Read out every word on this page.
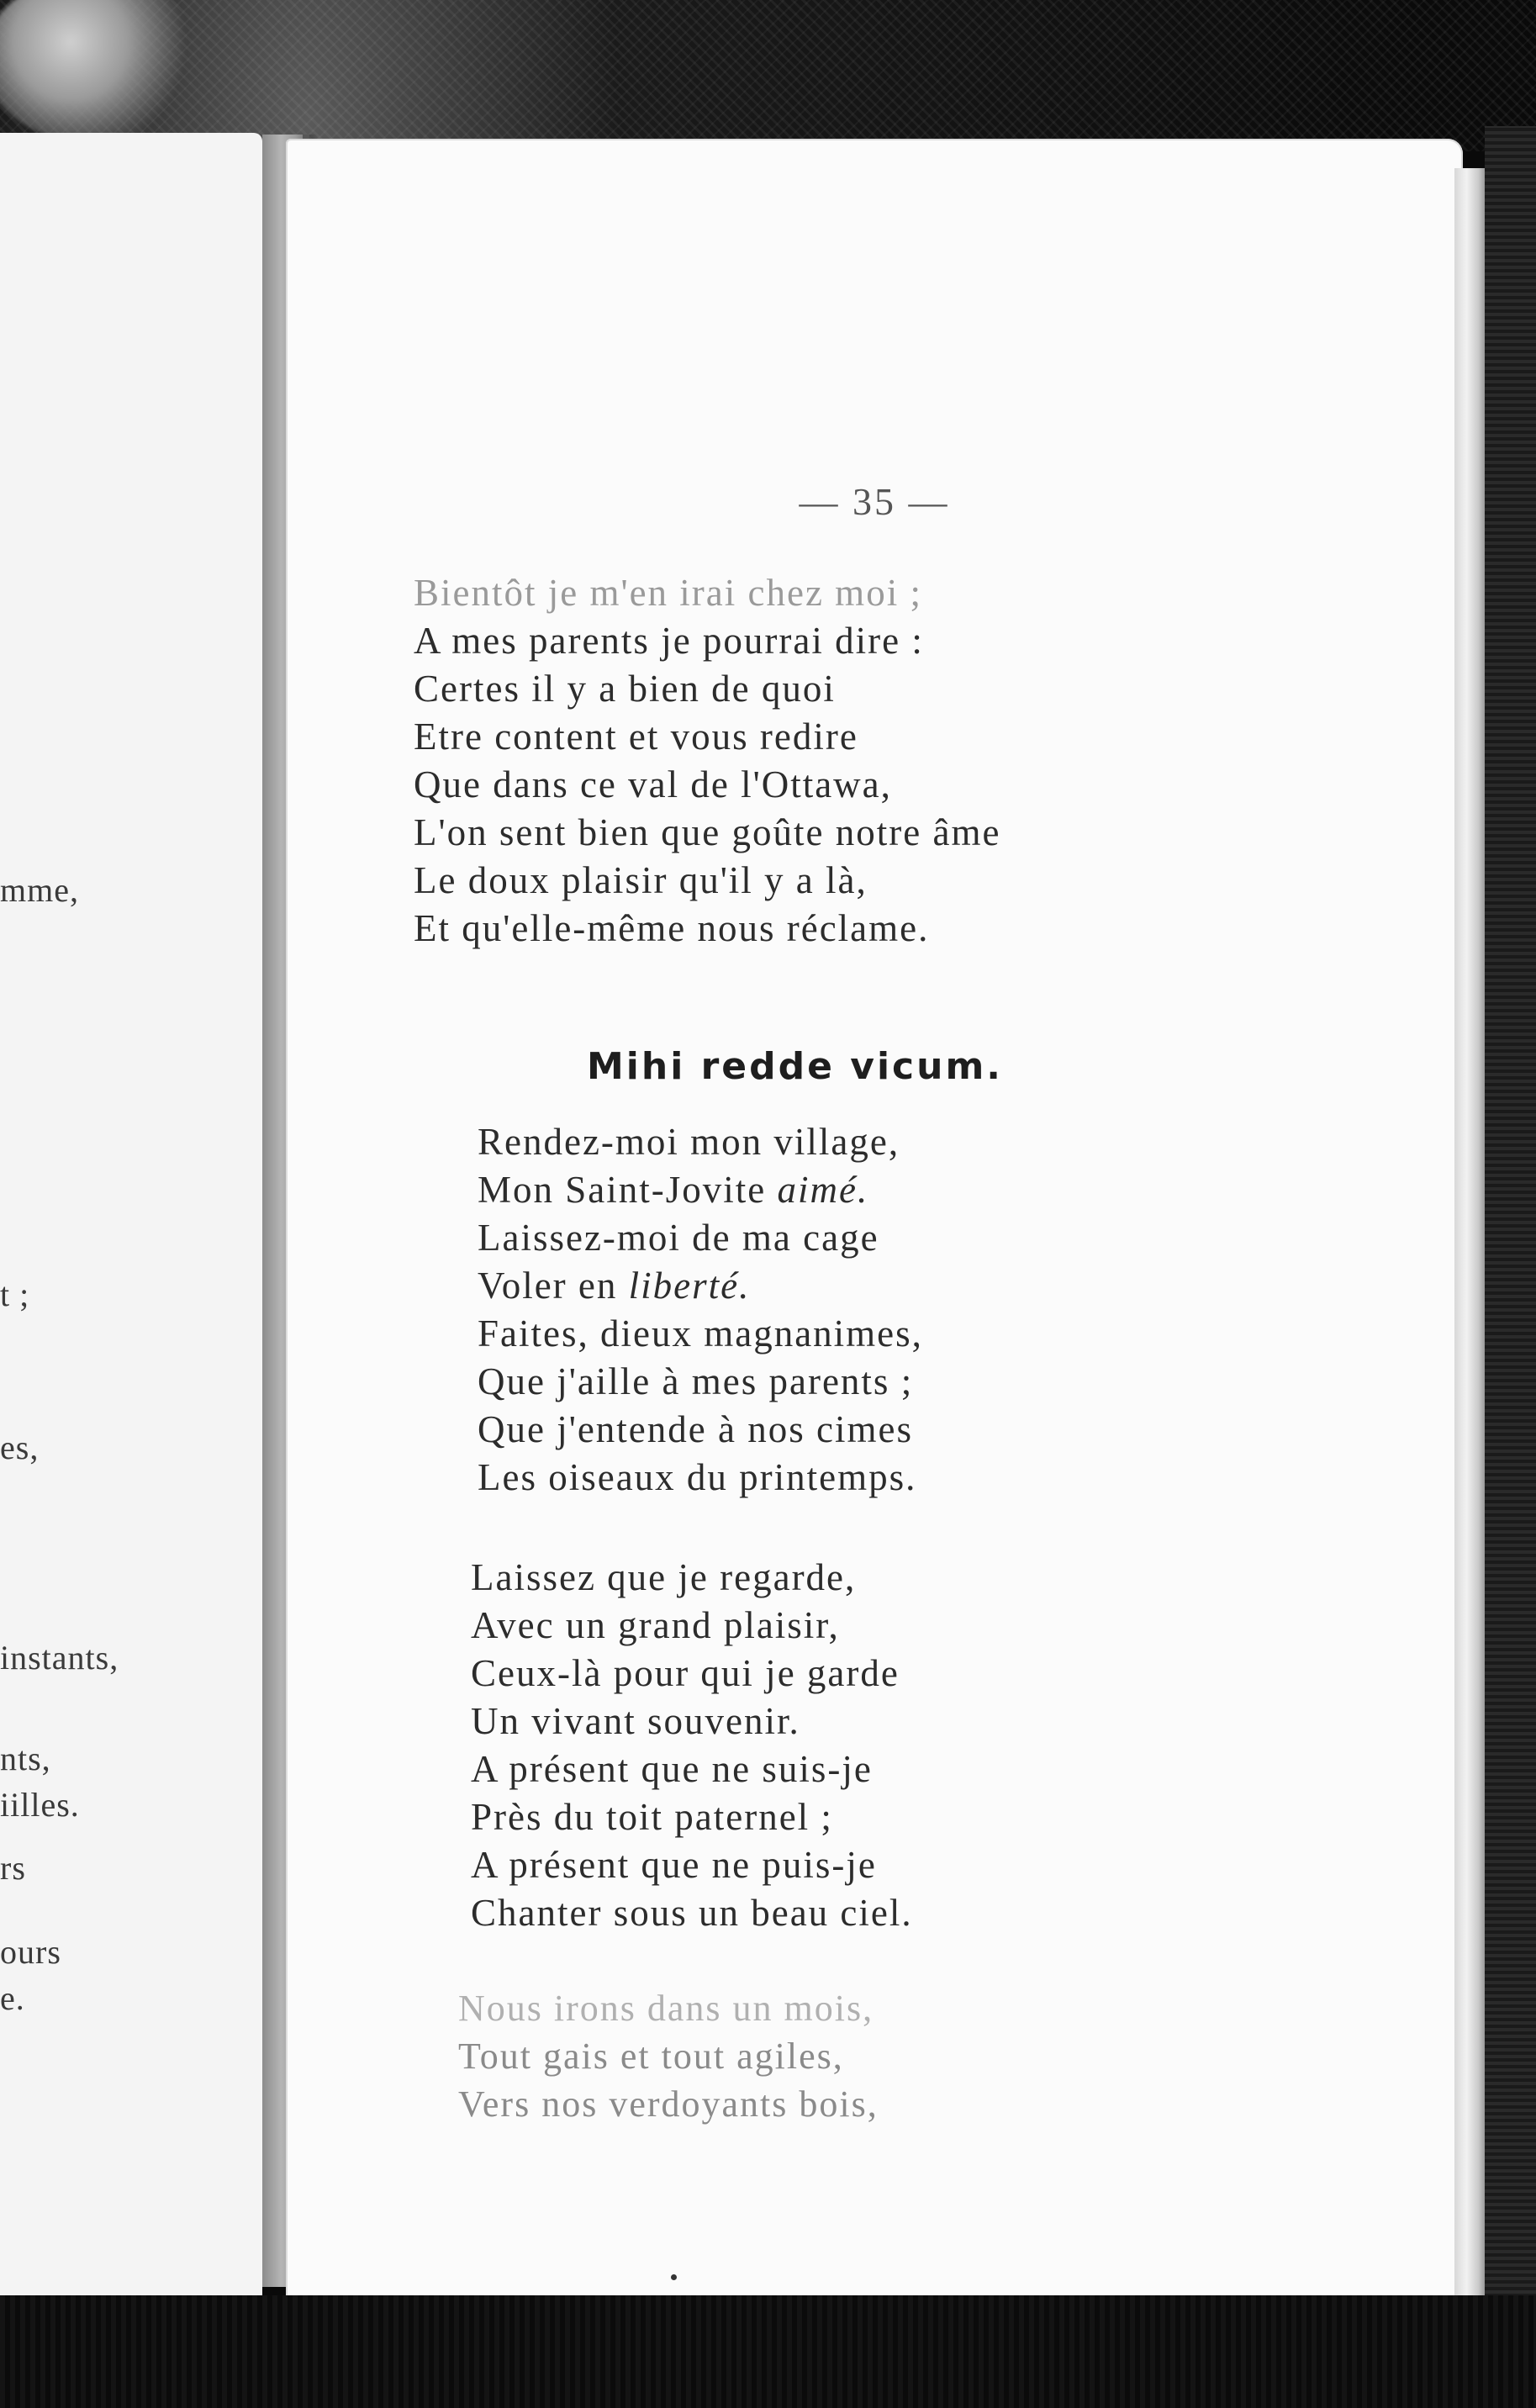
mme,
t ;
es,
instants,
nts,
iilles.
rs
ours
e.
— 35 —
Bientôt je m'en irai chez moi ;
A mes parents je pourrai dire :
Certes il y a bien de quoi
Etre content et vous redire
Que dans ce val de l'Ottawa,
L'on sent bien que goûte notre âme
Le doux plaisir qu'il y a là,
Et qu'elle-même nous réclame.
Mihi redde vicum.
Rendez-moi mon village,
Mon Saint-Jovite aimé.
Laissez-moi de ma cage
Voler en liberté.
Faites, dieux magnanimes,
Que j'aille à mes parents ;
Que j'entende à nos cimes
Les oiseaux du printemps.
Laissez que je regarde,
Avec un grand plaisir,
Ceux-là pour qui je garde
Un vivant souvenir.
A présent que ne suis-je
Près du toit paternel ;
A présent que ne puis-je
Chanter sous un beau ciel.
Nous irons dans un mois,
Tout gais et tout agiles,
Vers nos verdoyants bois,
